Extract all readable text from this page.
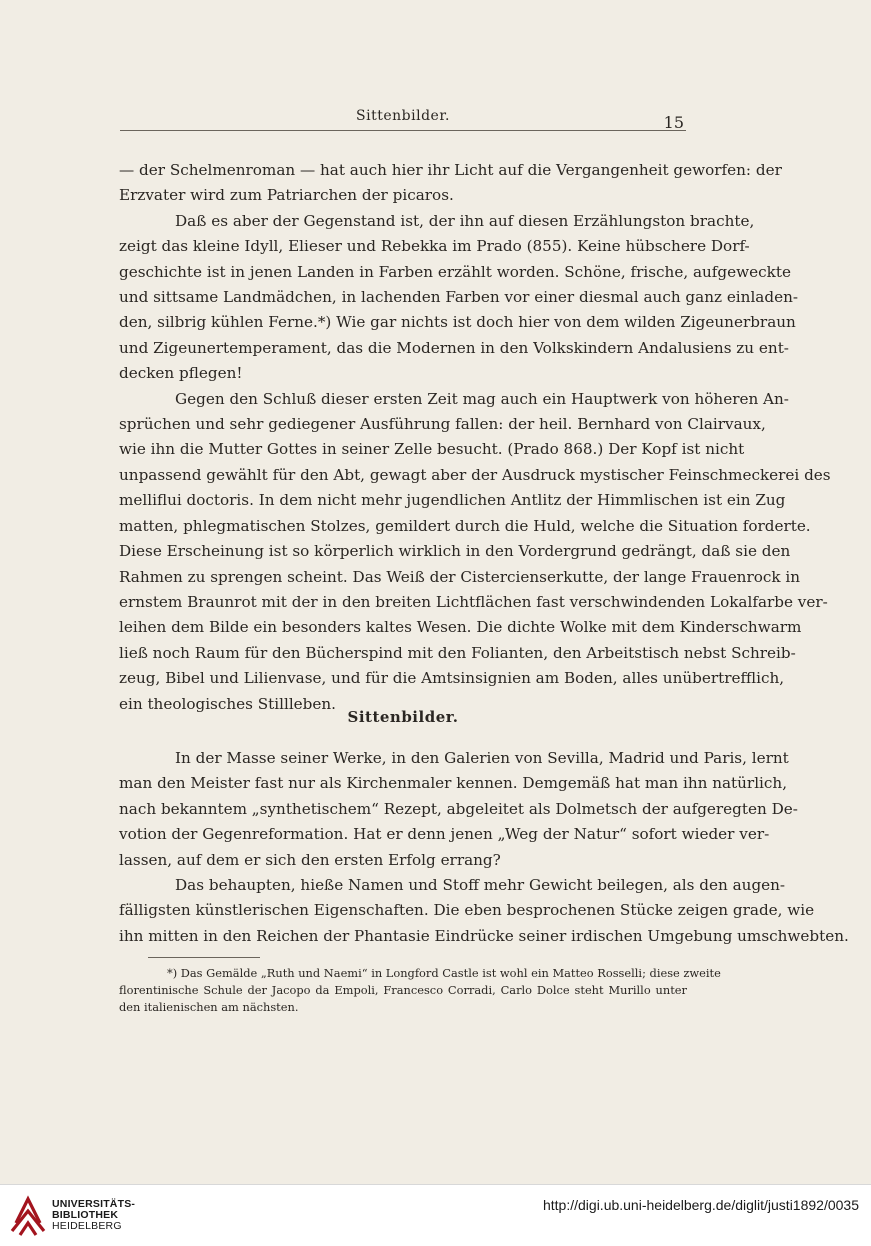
Sittenbilder.	15

— der Schelmenroman — hat auch hier ihr Licht auf die Vergangenheit geworfen: der
Erzvater wird zum Patriarchen der picaros.

Daß es aber der Gegenstand ist, der ihn auf diesen Erzählungston brachte,
zeigt das kleine Idyll, Elieser und Rebekka im Prado (855). Keine hübschere Dorf-
geschichte ist in jenen Landen in Farben erzählt worden. Schöne, frische, aufgeweckte
und sittsame Landmädchen, in lachenden Farben vor einer diesmal auch ganz einladen-
den, silbrig kühlen Ferne.*) Wie gar nichts ist doch hier von dem wilden Zigeunerbraun
und Zigeunertemperament, das die Modernen in den Volkskindern Andalusiens zu ent-
decken pflegen!

Gegen den Schluß dieser ersten Zeit mag auch ein Hauptwerk von höheren An-
sprüchen und sehr gediegener Ausführung fallen: der heil. Bernhard von Clairvaux,
wie ihn die Mutter Gottes in seiner Zelle besucht. (Prado 868.) Der Kopf ist nicht
unpassend gewählt für den Abt, gewagt aber der Ausdruck mystischer Feinschmeckerei des
melliflui doctoris. In dem nicht mehr jugendlichen Antlitz der Himmlischen ist ein Zug
matten, phlegmatischen Stolzes, gemildert durch die Huld, welche die Situation forderte.
Diese Erscheinung ist so körperlich wirklich in den Vordergrund gedrängt, daß sie den
Rahmen zu sprengen scheint. Das Weiß der Cistercienserkutte, der lange Frauenrock in
ernstem Braunrot mit der in den breiten Lichtflächen fast verschwindenden Lokalfarbe ver-
leihen dem Bilde ein besonders kaltes Wesen. Die dichte Wolke mit dem Kinderschwarm
ließ noch Raum für den Bücherspind mit den Folianten, den Arbeitstisch nebst Schreib-
zeug, Bibel und Lilienvase, und für die Amtsinsignien am Boden, alles unübertrefflich,
ein theologisches Stillleben.

Sittenbilder.

In der Masse seiner Werke, in den Galerien von Sevilla, Madrid und Paris, lernt
man den Meister fast nur als Kirchenmaler kennen. Demgemäß hat man ihn natürlich,
nach bekanntem „synthetischem“ Rezept, abgeleitet als Dolmetsch der aufgeregten De-
votion der Gegenreformation. Hat er denn jenen „Weg der Natur“ sofort wieder ver-
lassen, auf dem er sich den ersten Erfolg errang?

Das behaupten, hieße Namen und Stoff mehr Gewicht beilegen, als den augen-
fälligsten künstlerischen Eigenschaften. Die eben besprochenen Stücke zeigen grade, wie
ihn mitten in den Reichen der Phantasie Eindrücke seiner irdischen Umgebung umschwebten.

*) Das Gemälde „Ruth und Naemi“ in Longford Castle ist wohl ein Matteo Rosselli; diese zweite
florentinische Schule der Jacopo da Empoli, Francesco Corradi, Carlo Dolce steht Murillo unter
den italienischen am nächsten.
UNIVERSITÄTS-
BIBLIOTHEK
HEIDELBERG
http://digi.ub.uni-heidelberg.de/diglit/justi1892/0035
